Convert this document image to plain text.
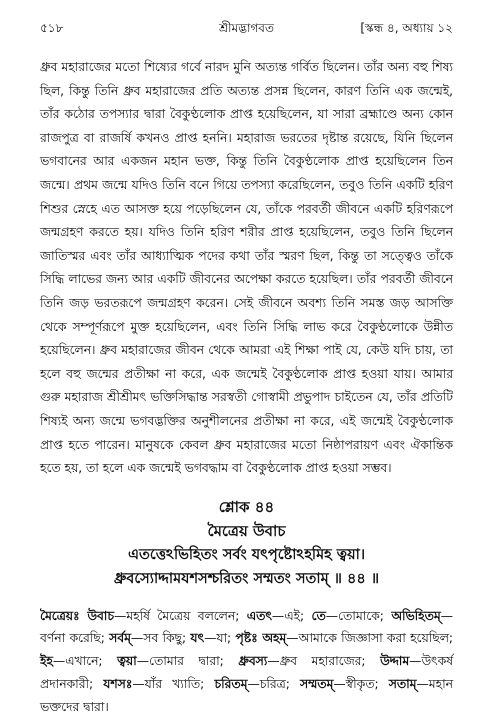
৫১৮	শ্রীমদ্ভাগবত	[স্কন্ধ ৪, অধ্যায় ১২

ধ্রুব মহারাজের মতো শিষ্যের গর্বে নারদ মুনি অত্যন্ত গর্বিত ছিলেন। তাঁর অন্য বহু শিষ্য ছিল, কিন্তু তিনি ধ্রুব মহারাজের প্রতি অত্যন্ত প্রসন্ন ছিলেন, কারণ তিনি এক জন্মেই, তাঁর কঠোর তপস্যার দ্বারা বৈকুণ্ঠলোক প্রাপ্ত হয়েছিলেন, যা সারা ব্রহ্মাণ্ডে অন্য কোন রাজপুত্র বা রাজর্ষি কখনও প্রাপ্ত হননি। মহারাজ ভরতের দৃষ্টান্ত রয়েছে, যিনি ছিলেন ভগবানের আর একজন মহান ভক্ত, কিন্তু তিনি বৈকুণ্ঠলোক প্রাপ্ত হয়েছিলেন তিন জন্মে। প্রথম জন্মে যদিও তিনি বনে গিয়ে তপস্যা করেছিলেন, তবুও তিনি একটি হরিণ শিশুর স্নেহে এত আসক্ত হয়ে পড়েছিলেন যে, তাঁকে পরবর্তী জীবনে একটি হরিণরূপে জন্মগ্রহণ করতে হয়। যদিও তিনি হরিণ শরীর প্রাপ্ত হয়েছিলেন, তবুও তিনি ছিলেন জাতিস্মর এবং তাঁর আধ্যাত্মিক পদের কথা তাঁর স্মরণ ছিল, কিন্তু তা সত্ত্বেও তাঁকে সিদ্ধি লাভের জন্য আর একটি জীবনের অপেক্ষা করতে হয়েছিল। তাঁর পরবর্তী জীবনে তিনি জড় ভরতরূপে জন্মগ্রহণ করেন। সেই জীবনে অবশ্য তিনি সমস্ত জড় আসক্তি থেকে সম্পূর্ণরূপে মুক্ত হয়েছিলেন, এবং তিনি সিদ্ধি লাভ করে বৈকুণ্ঠলোকে উন্নীত হয়েছিলেন। ধ্রুব মহারাজের জীবন থেকে আমরা এই শিক্ষা পাই যে, কেউ যদি চায়, তা হলে বহু জন্মের প্রতীক্ষা না করে, এক জন্মেই বৈকুণ্ঠলোক প্রাপ্ত হওয়া যায়। আমার গুরু মহারাজ শ্রীশ্রীমৎ ভক্তিসিদ্ধান্ত সরস্বতী গোস্বামী প্রভুপাদ চাইতেন যে, তাঁর প্রতিটি শিষ্যই অন্য জন্মে ভগবদ্ভক্তির অনুশীলনের প্রতীক্ষা না করে, এই জন্মেই বৈকুণ্ঠলোক প্রাপ্ত হতে পারেন। মানুষকে কেবল ধ্রুব মহারাজের মতো নিষ্ঠাপরায়ণ এবং ঐকান্তিক হতে হয়, তা হলে এক জন্মেই ভগবদ্ধাম বা বৈকুণ্ঠলোক প্রাপ্ত হওয়া সম্ভব।

শ্লোক ৪৪
মৈত্রেয় উবাচ
এতত্তেঽভিহিতং সর্বং যৎপৃষ্টোঽহমিহ ত্বয়া।
ধ্রুবস্যোদ্দামযশসশ্চরিতং সম্মতং সতাম্ ॥ ৪৪ ॥

মৈত্রেয়ঃ উবাচ—মহর্ষি মৈত্রেয় বললেন; এতৎ—এই; তে—তোমাকে; অভিহিতম্—বর্ণনা করেছি; সর্বম্—সব কিছু; যৎ—যা; পৃষ্টঃ অহম্—আমাকে জিজ্ঞাসা করা হয়েছিল; ইহ—এখানে; ত্বয়া—তোমার দ্বারা; ধ্রুবস্য—ধ্রুব মহারাজের; উদ্দাম—উৎকর্ষ প্রদানকারী; যশসঃ—যাঁর খ্যাতি; চরিতম্—চরিত্র; সম্মতম্—স্বীকৃত; সতাম্—মহান ভক্তদের দ্বারা।
